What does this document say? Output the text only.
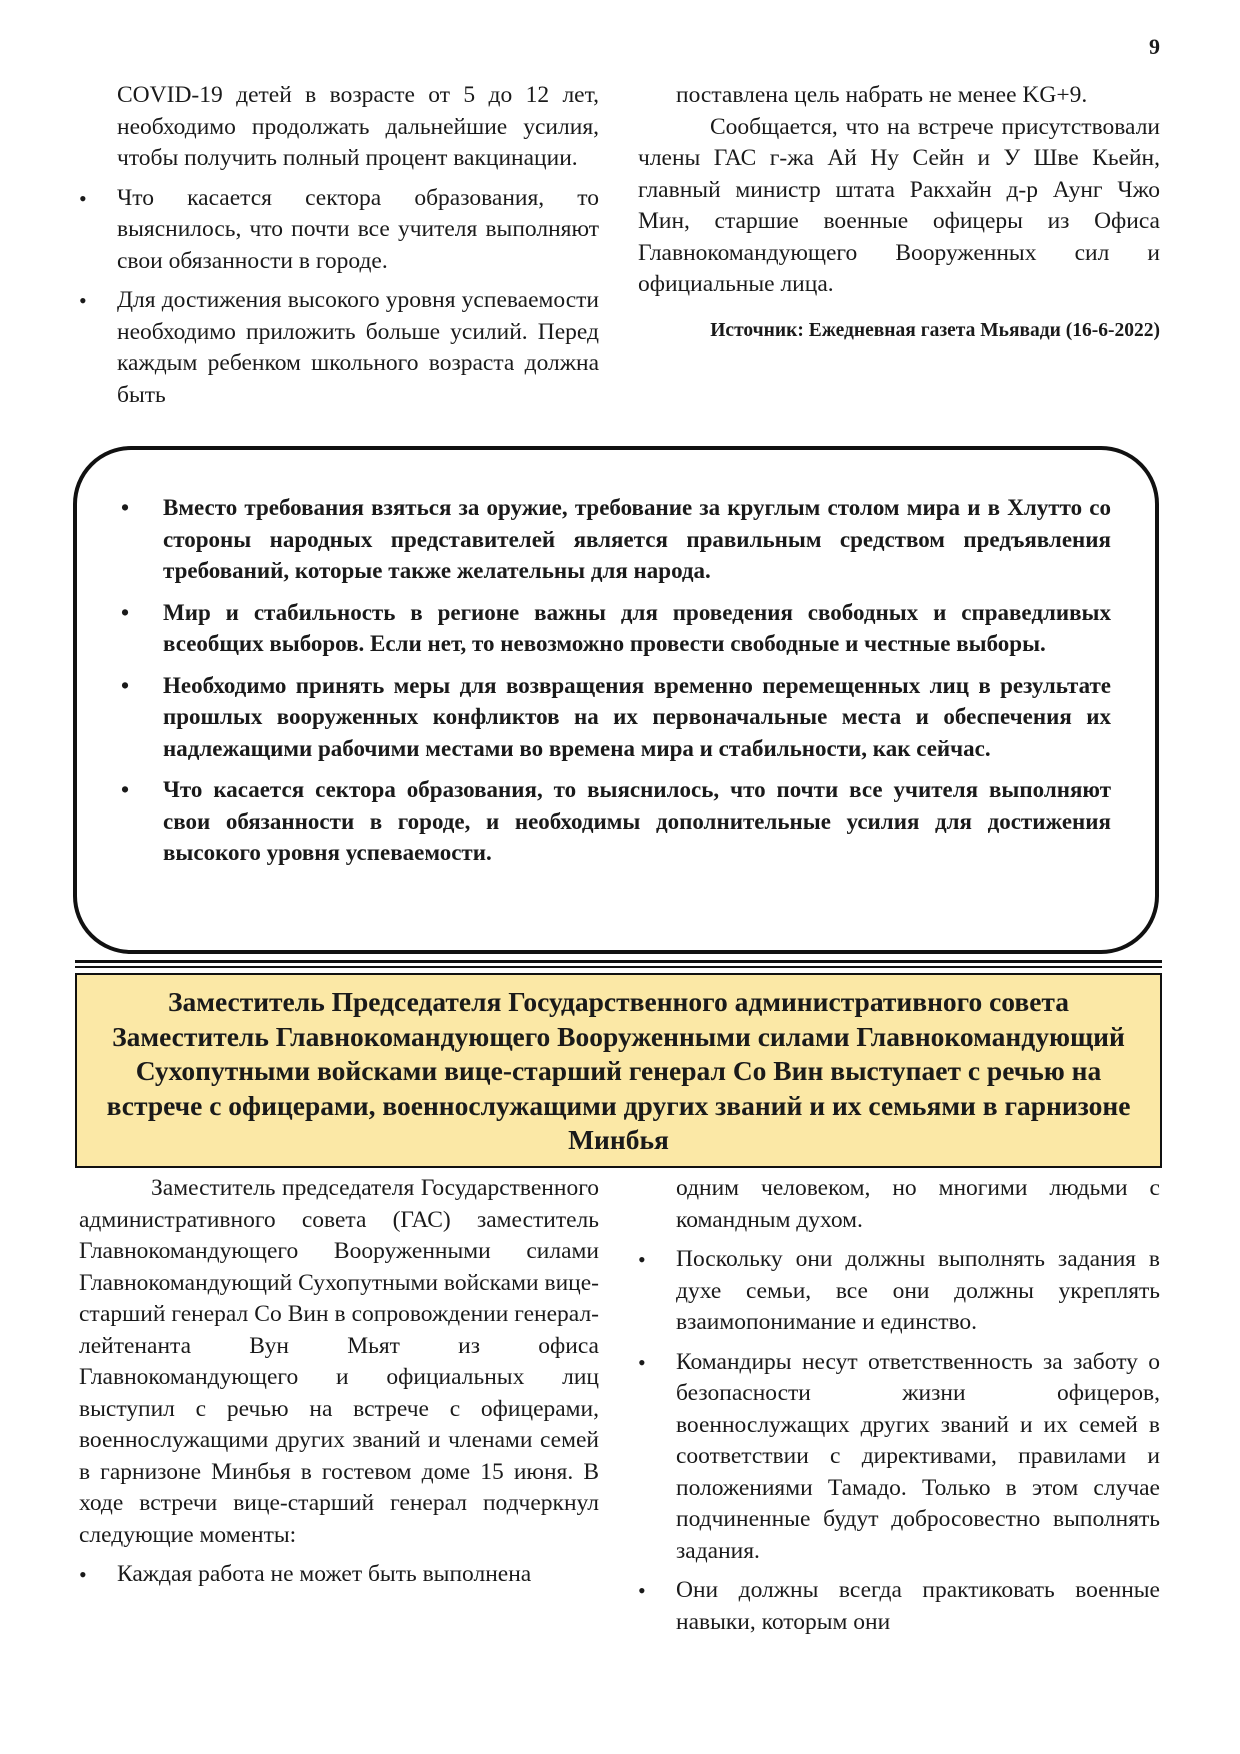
9

COVID-19 детей в возрасте от 5 до 12 лет, необходимо продолжать дальнейшие усилия, чтобы получить полный процент вакцинации.

• Что касается сектора образования, то выяснилось, что почти все учителя выполняют свои обязанности в городе.
• Для достижения высокого уровня успеваемости необходимо приложить больше усилий. Перед каждым ребенком школьного возраста должна быть

поставлена цель набрать не менее KG+9.

Сообщается, что на встрече присутствовали члены ГАС г-жа Ай Ну Сейн и У Шве Кьейн, главный министр штата Ракхайн д-р Аунг Чжо Мин, старшие военные офицеры из Офиса Главнокомандующего Вооруженных сил и официальные лица.

Источник: Ежедневная газета Мьявади (16-6-2022)

• Вместо требования взяться за оружие, требование за круглым столом мира и в Хлутто со стороны народных представителей является правильным средством предъявления требований, которые также желательны для народа.
• Мир и стабильность в регионе важны для проведения свободных и справедливых всеобщих выборов. Если нет, то невозможно провести свободные и честные выборы.
• Необходимо принять меры для возвращения временно перемещенных лиц в результате прошлых вооруженных конфликтов на их первоначальные места и обеспечения их надлежащими рабочими местами во времена мира и стабильности, как сейчас.
• Что касается сектора образования, то выяснилось, что почти все учителя выполняют свои обязанности в городе, и необходимы дополнительные усилия для достижения высокого уровня успеваемости.
Заместитель Председателя Государственного административного совета Заместитель Главнокомандующего Вооруженными силами Главнокомандующий Сухопутными войсками вице-старший генерал Со Вин выступает с речью на встрече с офицерами, военнослужащими других званий и их семьями в гарнизоне Минбья

Заместитель председателя Государственного административного совета (ГАС) заместитель Главнокомандующего Вооруженными силами Главнокомандующий Сухопутными войсками вице-старший генерал Со Вин в сопровождении генерал-лейтенанта Вун Мьят из офиса Главнокомандующего и официальных лиц выступил с речью на встрече с офицерами, военнослужащими других званий и членами семей в гарнизоне Минбья в гостевом доме 15 июня. В ходе встречи вице-старший генерал подчеркнул следующие моменты:

• Каждая работа не может быть выполнена

одним человеком, но многими людьми с командным духом.

• Поскольку они должны выполнять задания в духе семьи, все они должны укреплять взаимопонимание и единство.
• Командиры несут ответственность за заботу о безопасности жизни офицеров, военнослужащих других званий и их семей в соответствии с директивами, правилами и положениями Тамадо. Только в этом случае подчиненные будут добросовестно выполнять задания.
• Они должны всегда практиковать военные навыки, которым они
